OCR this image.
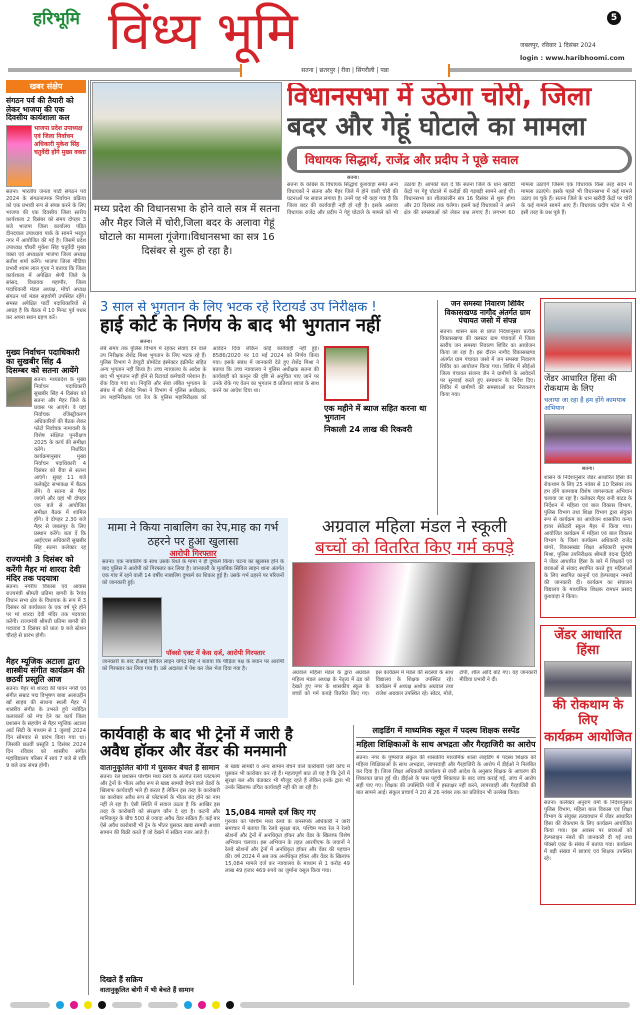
हरिभूमि विंध्य भूमि	5
जबलपुर, रविवार 1 दिसंबर 2024
login : www.haribhoomi.com
सतना | छतरपुर | रीवा | सिंगरौली | पन्ना
खबर संक्षेप
संगठन पर्व की तैयारी को लेकर भाजपा की एक दिवसीय कार्यशाला कल
भाजपा प्रदेश उपाध्यक्ष एवं जिला निर्वाचन अधिकारी मुकेश सिंह चतुर्वेदी होंगे मुख्य वक्ता
सतना। भारतीय जनता पार्टी संगठन पर्व 2024 के संगठनात्मक निर्वाचन प्रक्रिया को एक प्रभावी रूप से संपन्न करने के लिए भाजपा की एक दिवसीय जिला स्तरीय कार्यशाला 2 दिसंबर को समय दोपहर 3 बजे भाजपा जिला कार्यालय पंडित दीनदयाल उपाध्याय पार्क के सामने भरहुत नगर में आयोजित की गई है। जिसमें प्रदेश उपाध्यक्ष चौधरी मुकेश सिंह चतुर्वेदी मुख्य वक्ता एवं अध्यक्षता भाजपा जिला अध्यक्ष सतीश शर्मा करेंगे। भाजपा जिला मीडिया प्रभारी श्याम लाल गुप्ता ने बताया कि जिला कार्यशाला में अपेक्षित श्रेणी जिले के सांसद, विधायक महापौर, जिला पदाधिकारी मंडल अध्यक्ष, मोर्चा अध्यक्ष संगठन पर्व मंडल सहयोगी उपस्थित रहेंगे। समस्त अपेक्षित पार्टी पदाधिकारियों से आग्रह है कि बैठक में 10 मिनट पूर्व पधार कर अपना स्थान ग्रहण करें।
मुख्य निर्वाचन पदाधिकारी का सुखबीर सिंह 4 दिसम्बर को सतना आयेंगे
सतना। मध्यप्रदेश के मुख्य निर्वाचन पदाधिकारी सुखबीर सिंह 4 दिसंबर को सतना और मैहर जिले के प्रवास पर आएंगे। वे यहां निर्वाचक रजिस्ट्रीकरण अधिकारियों की बैठक लेकर फोटो निर्वाचक नामावली के विशेष संक्षिप्त पुनरीक्षण 2025 के कार्य की समीक्षा करेंगे। निर्धारित कार्यक्रमानुसार मुख्य निर्वाचन पदाधिकारी 4 दिसंबर को रीवा से सतना आएंगे। सुबह 11 बजे कलेक्ट्रेट सभाकक्ष में बैठक लेंगे। वे सतना से मैहर जाएंगे और वहां भी दोपहर एक बजे से आयोजित समीक्षा बैठक में शामिल होंगे। वे दोपहर 2.30 बजे मैहर से जबलपुर के लिए प्रस्थान करेंगे। बता दें कि आईएएस अधिकारी सुखबीर सिंह सतना कलेक्टर रह
राज्यमंत्री 3 दिसंबर को करेंगी मैहर मां शारदा देवी मंदिर तक पदयात्रा
सतना। नगरीय विकास एवं आवास राज्यमंत्री श्रीमती प्रतिमा बागरी के रैगांव विधान सभा क्षेत्र के विधायक के रूप में 3 दिसंबर को कार्यकाल के एक वर्ष पूरे होने पर मां शारदा देवी मंदिर तक पदयात्रा करेंगी। राज्यमंत्री श्रीमती प्रतिमा बागरी की पदयात्रा 3 दिसंबर को प्रातः 9 बजे स्टेशन चौराहे से प्रारंभ होगी।
मैहर म्यूजिक अटाला द्वारा शास्त्रीय संगीत कार्यक्रम की छठवीं प्रस्तुति आज
सतना। मैहर मां शारदा की पावन नगरी एवं संगीत सम्राट पद्म विभूषण बाबा अलाउद्दीन खॉं साहब की साधना स्थली मैहर में शास्त्रीय संगीत के उभरते हुये नवोदित कलाकारों को मंच देने का कार्य जिला प्रशासन के सहयोग से मैहर म्यूजिक अटाला आर्ट सिटी के माध्यम से 1 जुलाई 2024 दिन सोमवार से प्रारंभ किया गया था। जिसकी छठवीं प्रस्तुति 1 दिसंबर 2024 दिन रविवार को शास्त्रीय संगीत महाविद्यालय परिसर में सायं 7 बजे से रात्रि 9 बजे तक संपन्न होगी।
मध्य प्रदेश की विधानसभा के होने वाले सत्र में सतना और मैहर जिले में चोरी,जिला बदर के अलावा गेहूं घोटाले का मामला गूंजेगा।विधानसभा का सत्र 16 दिसंबर से शुरू हो रहा है।
विधानसभा में उठेगा चोरी, जिला
बदर और गेहूं घोटाले का मामला
विधायक सिद्धार्थ, राजेंद्र और प्रदीप ने पूछे सवाल
सतना।
सतना के कांग्रेस के विधायक सिद्धार्थ कुशवाहा समेत अन्य विधायकों ने सतना और मैहर जिले में होने वाली चोरी की घटनाओं पर सवाल लगाया है। उनमें यह भी कहा गया है कि जिला बदर की कार्यवाही नहीं हो रही है। इसके अलावा विधायक राजेंद्र और प्रदीप ने गेहूं घोटाले के मामले को भी उठाया है। आपको बता दें कि सतना जिले के धान खरीदी केंद्रों पर गेहूं घोटाले में करोड़ों की गड़बड़ी सामने आई थी। विधानसभा का शीतकालीन सत्र 16 दिसंबर से शुरू होगा और 20 दिसंबर तक चलेगा। इसमें कई विधायकों ने अपने क्षेत्र की समस्याओं को लेकर प्रश्न लगाए हैं। लगभग 60 मामला उठाएंगे जिसमें एक विधायक किस तरह सदन में मामला उठाएंगे। इसके पहले भी विधानसभा में कई मामले उठाए जा चुके हैं। सतना जिले के धान खरीदी केंद्रों पर चोरी के कई मामले सामने आए हैं। विधायक प्रदीप पटेल ने भी इसी तरह के प्रश्न पूछे हैं।
3 साल से भुगतान के लिए भटक रहे रिटायर्ड उप निरीक्षक !
हाई कोर्ट के निर्णय के बाद भी भुगतान नहीं
सतना।
लंबे समय तक पुलिस विभाग में रहकर सेवाएं देने वाले उप निरीक्षक रोशेंद्र मिश्रा भुगतान के लिए भटक रहे हैं। पुलिस विभाग ने डेप्युटी प्रोमोटेड इंस्पेक्टर इंक्रीमेंट सहित अन्य भुगतान नहीं किया है। उच्च न्यायालय के आदेश के बाद भी भुगतान नहीं होने से रिटायर्ड कर्मचारी परेशान है। रोक दिया गया था। निवृत्ति और सेवा लंबित भुगतान के संबंध में श्री रोशेंद्र मिश्रा ने विभाग में पुलिस अधीक्षक, उप महानिरीक्षक एवं रेंज के पुलिस महानिरीक्षक को आवेदन दिया लेकिन कोई कार्यवाही नहीं हुई। 8586/2020 पर 10 मई 2024 को निर्णय किया गया। इसके संबंध में जानकारी देते हुए रोशेंद्र मिश्रा ने बताया कि उच्च न्यायालय ने पुलिस अधीक्षक सतना की कार्यवाही को कानून की दृष्टि से अनुचित पाए जाने पर उनके रोके गए वेतन का भुगतान 8 प्रतिशत ब्याज के साथ करने का आदेश दिया था।
एक महीने में ब्याज सहित करना था भुगतान
निकाली 24 लाख की रिकवरी
जन समस्या निवारण शिविर विकासखण्ड नागौद अंतर्गत ग्राम पंचायत जसो में संपन्न
सतना। शासन स्तर से प्राप्त निर्देशानुसार प्रत्येक विकासखण्ड की क्लस्टर ग्राम पंचायतों में जिला स्तरीय जन समस्या निवारण शिविर का आयोजन किया जा रहा है। इस दौरान नागौद विकासखण्ड अंतर्गत ग्राम पंचायत जसो में जन समस्या निवारण शिविर का आयोजन किया गया। शिविर में सीईओ जिला पंचायत संजना जैन ने ग्रामीणों के आवेदनों पर सुनवाई करते हुए समाधान के निर्देश दिए। शिविर में ग्रामीणों की समस्याओं का निराकरण किया गया।
जेंडर आधारित हिंसा की रोकथाम के लिए
चलाया जा रहा है हम होंगे कामयाब अभियान
सतना।
शासन के निर्देशानुसार जेंडर आधारित हिंसा की रोकथाम के लिए 25 नवंबर से 10 दिसंबर तक हम होंगे कामयाब विशेष जागरूकता अभियान चलाया जा रहा है। कलेक्टर मैहर रानी बाटड के निर्देशन में महिला एवं बाल विकास विभाग, पुलिस विभाग तथा शिक्षा विभाग द्वारा संयुक्त रूप से कार्यक्रम का आयोजन शासकीय कन्या हायर सेकेंडरी स्कूल मैहर में किया गया। आयोजित कार्यक्रम में महिला एवं बाल विकास विभाग के जिला कार्यक्रम अधिकारी राजेंद्र बांगरे, विकासखंड शिक्षा अधिकारी सुभाष मिश्रा, पुलिस उपनिरीक्षक श्रीमती वंदना द्विवेदी ने जेंडर आधारित हिंसा के बारे में शिक्षकों एवं छात्राओं से संवाद स्थापित करते हुए महिलाओं के लिए स्थापित कानूनों एवं हेल्पलाइन नम्बरों की जानकारी दी। कार्यक्रम का संचालन विद्यालय के माध्यमिक शिक्षक रामधन प्रसाद कुशवाहा ने किया।
मामा ने किया नाबालिग का रेप,माह का गर्भ ठहरने पर हुआ खुलासा
आरोपी गिरफ्तार
सतना। एक नाबालिग के साथ उसके रिश्ते के मामा ने ही दुष्कर्म किया। घटना का खुलासा होने के बाद पुलिस ने आरोपी को गिरफ्तार कर लिया है। जानकारी के मुताबिक सिविल लाइन थाना अंतर्गत एक गांव में रहने वाली 14 वर्षीय नाबालिग दुष्कर्म का शिकार हुई है। उसके गर्भ ठहरने पर परिजनों को जानकारी हुई।
पॉक्सो एक्ट में केस दर्ज, आरोपी गिरफ्तार
जानकारी के बाद टीआई सिविल लाइन योगेंद्र सिंह ने बताया कि पीड़िता पक्ष के बयान पर आरोपी को गिरफ्तार कर लिया गया है। उसे अदालत में पेश कर जेल भेज दिया गया है।
अग्रवाल महिला मंडल ने स्कूली
बच्चों को वितरित किए गर्म कपड़े
अग्रवाल महिला मंडल के द्वारा अग्रवाल महिला मंडल अध्यक्ष के नेतृत्व में ठंड को देखते हुए नगर के शासकीय स्कूल के बच्चों को गर्म कपड़े वितरित किए गए। इस कार्यक्रम में मंडल की सदस्यों के साथ विद्यालय के शिक्षक उपस्थित रहे। कार्यक्रम में अध्यक्ष अशोक अग्रवाल तथा राजेश अग्रवाल उपस्थित रहे। स्वेटर, मोजे, टोपी, शॉल आदि बांटे गए। यह जानकारी मीडिया प्रभारी ने दी।
जेंडर आधारित हिंसा
की रोकथाम के लिए
कार्यक्रम आयोजित
सतना। कलेक्टर अनुराग वर्मा के निर्देशानुसार पुलिस विभाग, महिला बाल विकास एवं शिक्षा विभाग के संयुक्त तत्वावधान में जेंडर आधारित हिंसा की रोकथाम के लिए कार्यक्रम आयोजित किया गया। इस अवसर पर छात्राओं को हेल्पलाइन नंबरों की जानकारी दी गई तथा पॉक्सो एक्ट के संबंध में बताया गया। कार्यक्रम में बड़ी संख्या में छात्राएं एवं शिक्षक उपस्थित रहे।
कार्यवाही के बाद भी ट्रेनों में जारी है
अवैध हॉकर और वेंडर की मनमानी
वातानुकूलित बोगी में घुसकर बेचते हैं सामान
सतना। रेल प्रशासन पश्चिम मध्य रेलवे के अंतर्गत रेलवे प्लेटफार्म और ट्रेनों के भीतर अवैध रूप से खाद्य सामग्री बेचने वाले वेंडरों के खिलाफ कार्यवाही भले ही करता है लेकिन इस तरह के कारोबारी का कारोबार अवैध रूप से प्लेटफार्म के भीतर बंद होने का नाम नहीं ले रहा है। ऐसी स्थिति में सवाल उठता है कि आखिर इस तरह के कारोबारी को संरक्षण कौन दे रहा है। कटनी और मानिकपुर के बीच 500 से ज्यादा अवैध वेंडर सक्रिय हैं। कई बार ऐसे अवैध कारोबारी भी ट्रेन के भीतर घुसकर खाद्य सामग्री अथवा सामान की बिक्री करते हैं जो देखने में सक्रिय नजर आते हैं।
दिखते हैं सक्रिय
वातानुकूलित बोगी में भी बेचते हैं सामान
से खाद्य सामग्री व अन्य सामान बेचने वाले कारोबारी एसी कोच में घुसकर भी कारोबार कर रहे हैं। महत्वपूर्ण बात तो यह है कि ट्रेनों में सुरक्षा बल और कंडक्टर भी मौजूद रहते हैं लेकिन इनके द्वारा भी उनके खिलाफ उचित कार्यवाही नहीं की जा रही है।
15,084 मामले दर्ज किए गए
गुरुवार को पश्चिम मध्य रेलवे के जनसंपर्क अधिकारी ने जारी समाचार में बताया कि रेलवे सुरक्षा बल, पश्चिम मध्य रेल ने रेलवे स्टेशनों और ट्रेनों में अनधिकृत हॉकर और वेंडर के खिलाफ विशेष अभियान चलाया। इस अभियान के तहत आरपीएफ के जवानों ने रेलवे स्टेशनों और ट्रेनों में अनधिकृत हॉकर और वेंडर की पहचान की। वर्ष 2024 में अब तक अनधिकृत हॉकर और वेंडर के खिलाफ 15,084 मामले दर्ज कर न्यायालय के माध्यम से 1 करोड़ 49 लाख 49 हजार 469 रुपये का जुर्माना वसूल किया गया।
लाइडिंग में माध्यमिक स्कूल में पदस्थ शिक्षक सस्पेंड
महिला शिक्षिकाओं के साथ अभद्रता और गैरहाजिरी का आरोप
सतना। नगर के पुष्पराज संकुल की शासकीय माध्यमिक शाला लाइडिंग में पदस्थ शिक्षक को महिला शिक्षिकाओं के साथ अभद्रता, लापरवाही और गैरहाजिरी के आरोप में डीईओ ने निलंबित कर दिया है। जिला शिक्षा अधिकारी कार्यालय से जारी आदेश के अनुसार शिक्षक के आचरण की शिकायत प्राप्त हुई थी। डीईओ के पास पहुंची शिकायत के बाद जांच कराई गई, जांच में आरोप सही पाए गए। शिक्षक की उपस्थिति पंजी में हस्ताक्षर नहीं करने, लापरवाही और गैरहाजिरी की बात सामने आई। संकुल प्राचार्य ने 20 से 26 नवंबर तक का प्रतिवेदन भी उल्लेख किया।
